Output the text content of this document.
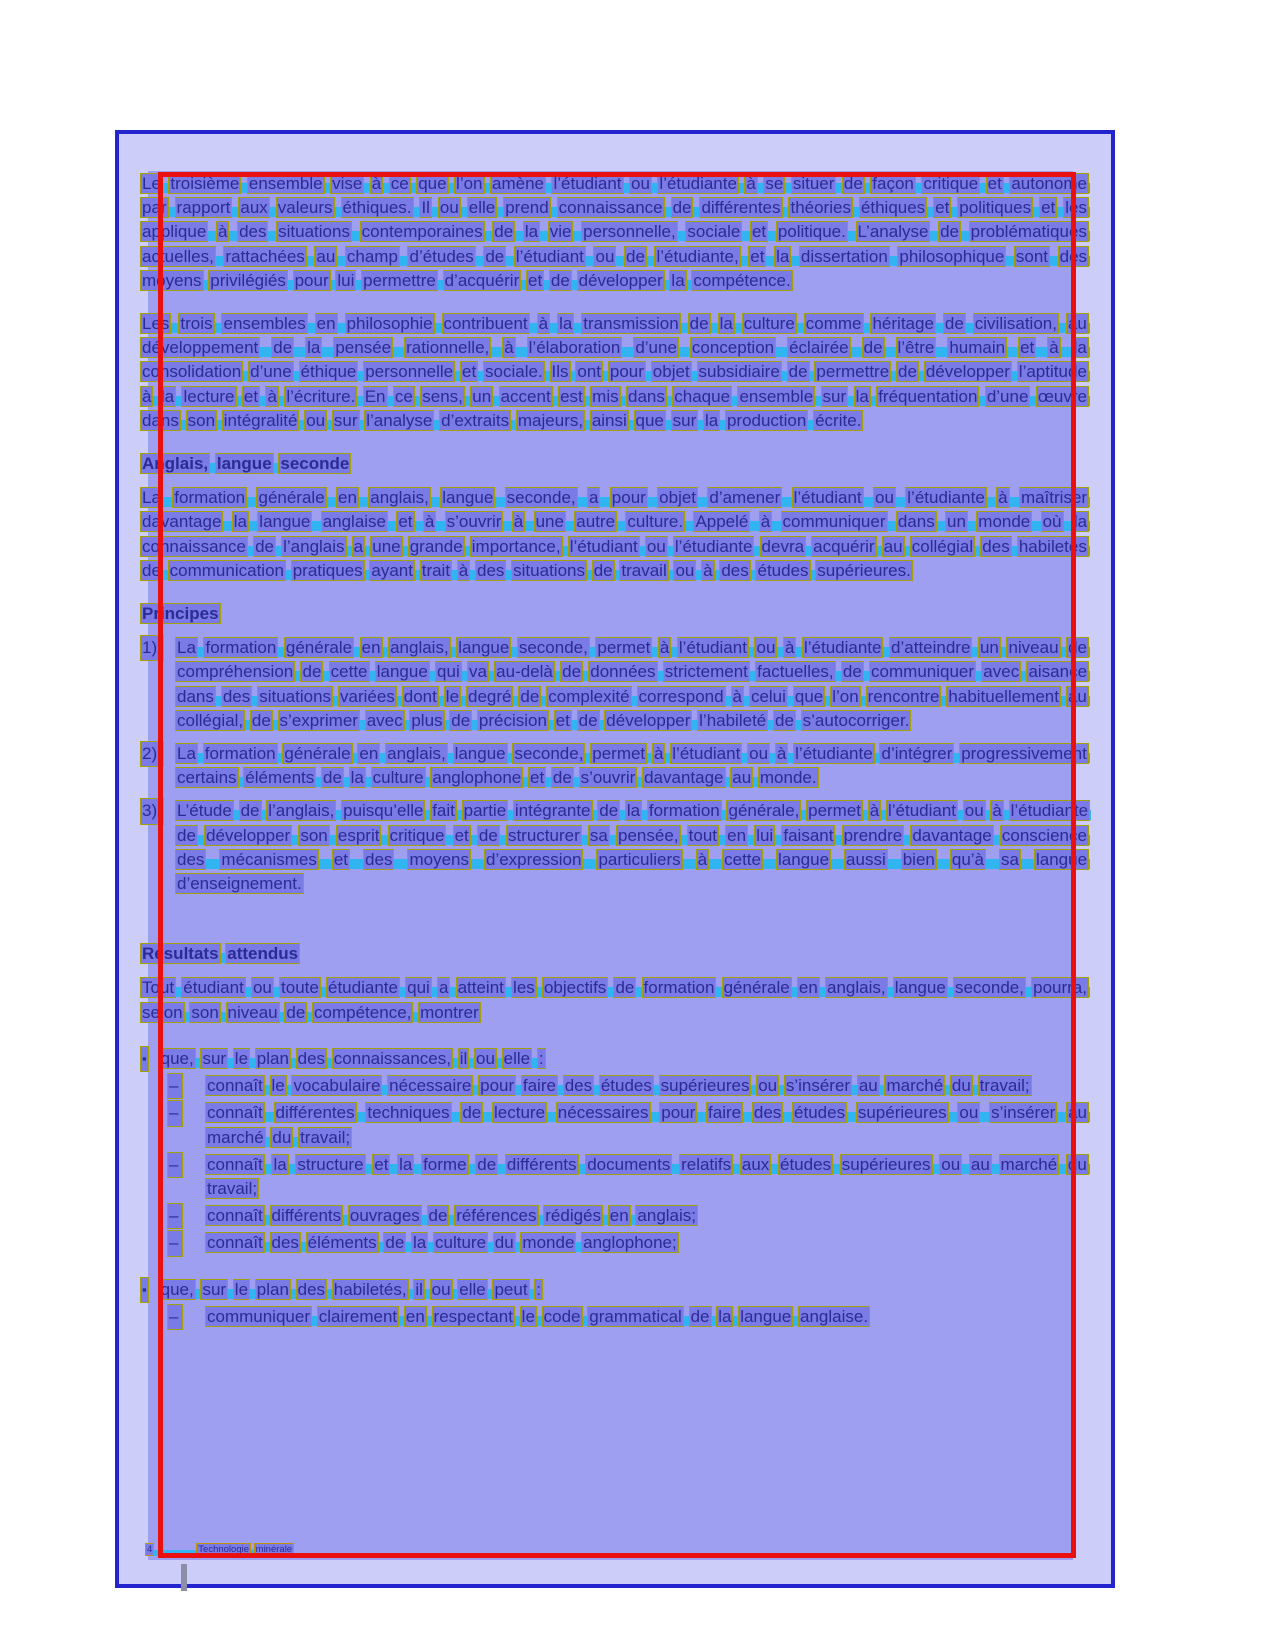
Le troisième ensemble vise à ce que l’on amène l’étudiant ou l’étudiante à se situer de façon critique et autonome par rapport aux valeurs éthiques. Il ou elle prend connaissance de différentes théories éthiques et politiques et les applique à des situations contemporaines de la vie personnelle, sociale et politique. L’analyse de problématiques actuelles, rattachées au champ d’études de l’étudiant ou de l’étudiante, et la dissertation philosophique sont des moyens privilégiés pour lui permettre d’acquérir et de développer la compétence.
Les trois ensembles en philosophie contribuent à la transmission de la culture comme héritage de civilisation, au développement de la pensée rationnelle, à l’élaboration d’une conception éclairée de l’être humain et à la consolidation d’une éthique personnelle et sociale. Ils ont pour objet subsidiaire de permettre de développer l’aptitude à la lecture et à l’écriture. En ce sens, un accent est mis dans chaque ensemble sur la fréquentation d’une œuvre dans son intégralité ou sur l’analyse d’extraits majeurs, ainsi que sur la production écrite.
Anglais, langue seconde
La formation générale en anglais, langue seconde, a pour objet d’amener l’étudiant ou l’étudiante à maîtriser davantage la langue anglaise et à s’ouvrir à une autre culture. Appelé à communiquer dans un monde où la connaissance de l’anglais a une grande importance, l’étudiant ou l’étudiante devra acquérir au collégial des habiletés de communication pratiques ayant trait à des situations de travail ou à des études supérieures.
Principes
1)	La formation générale en anglais, langue seconde, permet à l’étudiant ou à l’étudiante d’atteindre un niveau de compréhension de cette langue qui va au-delà de données strictement factuelles, de communiquer avec aisance dans des situations variées dont le degré de complexité correspond à celui que l’on rencontre habituellement au collégial, de s’exprimer avec plus de précision et de développer l’habileté de s’autocorriger.
2)	La formation générale en anglais, langue seconde, permet à l’étudiant ou à l’étudiante d’intégrer progressivement certains éléments de la culture anglophone et de s’ouvrir davantage au monde.
3)	L’étude de l’anglais, puisqu’elle fait partie intégrante de la formation générale, permet à l’étudiant ou à l’étudiante de développer son esprit critique et de structurer sa pensée, tout en lui faisant prendre davantage conscience des mécanismes et des moyens d’expression particuliers à cette langue aussi bien qu’à sa langue d’enseignement.
Résultats attendus
Tout étudiant ou toute étudiante qui a atteint les objectifs de formation générale en anglais, langue seconde, pourra, selon son niveau de compétence, montrer
▪ que, sur le plan des connaissances, il ou elle :
– connaît le vocabulaire nécessaire pour faire des études supérieures ou s’insérer au marché du travail;
– connaît différentes techniques de lecture nécessaires pour faire des études supérieures ou s’insérer au marché du travail;
– connaît la structure et la forme de différents documents relatifs aux études supérieures ou au marché du travail;
– connaît différents ouvrages de références rédigés en anglais;
– connaît des éléments de la culture du monde anglophone;
▪ que, sur le plan des habiletés, il ou elle peut :
– communiquer clairement en respectant le code grammatical de la langue anglaise.
4	Technologie minérale
